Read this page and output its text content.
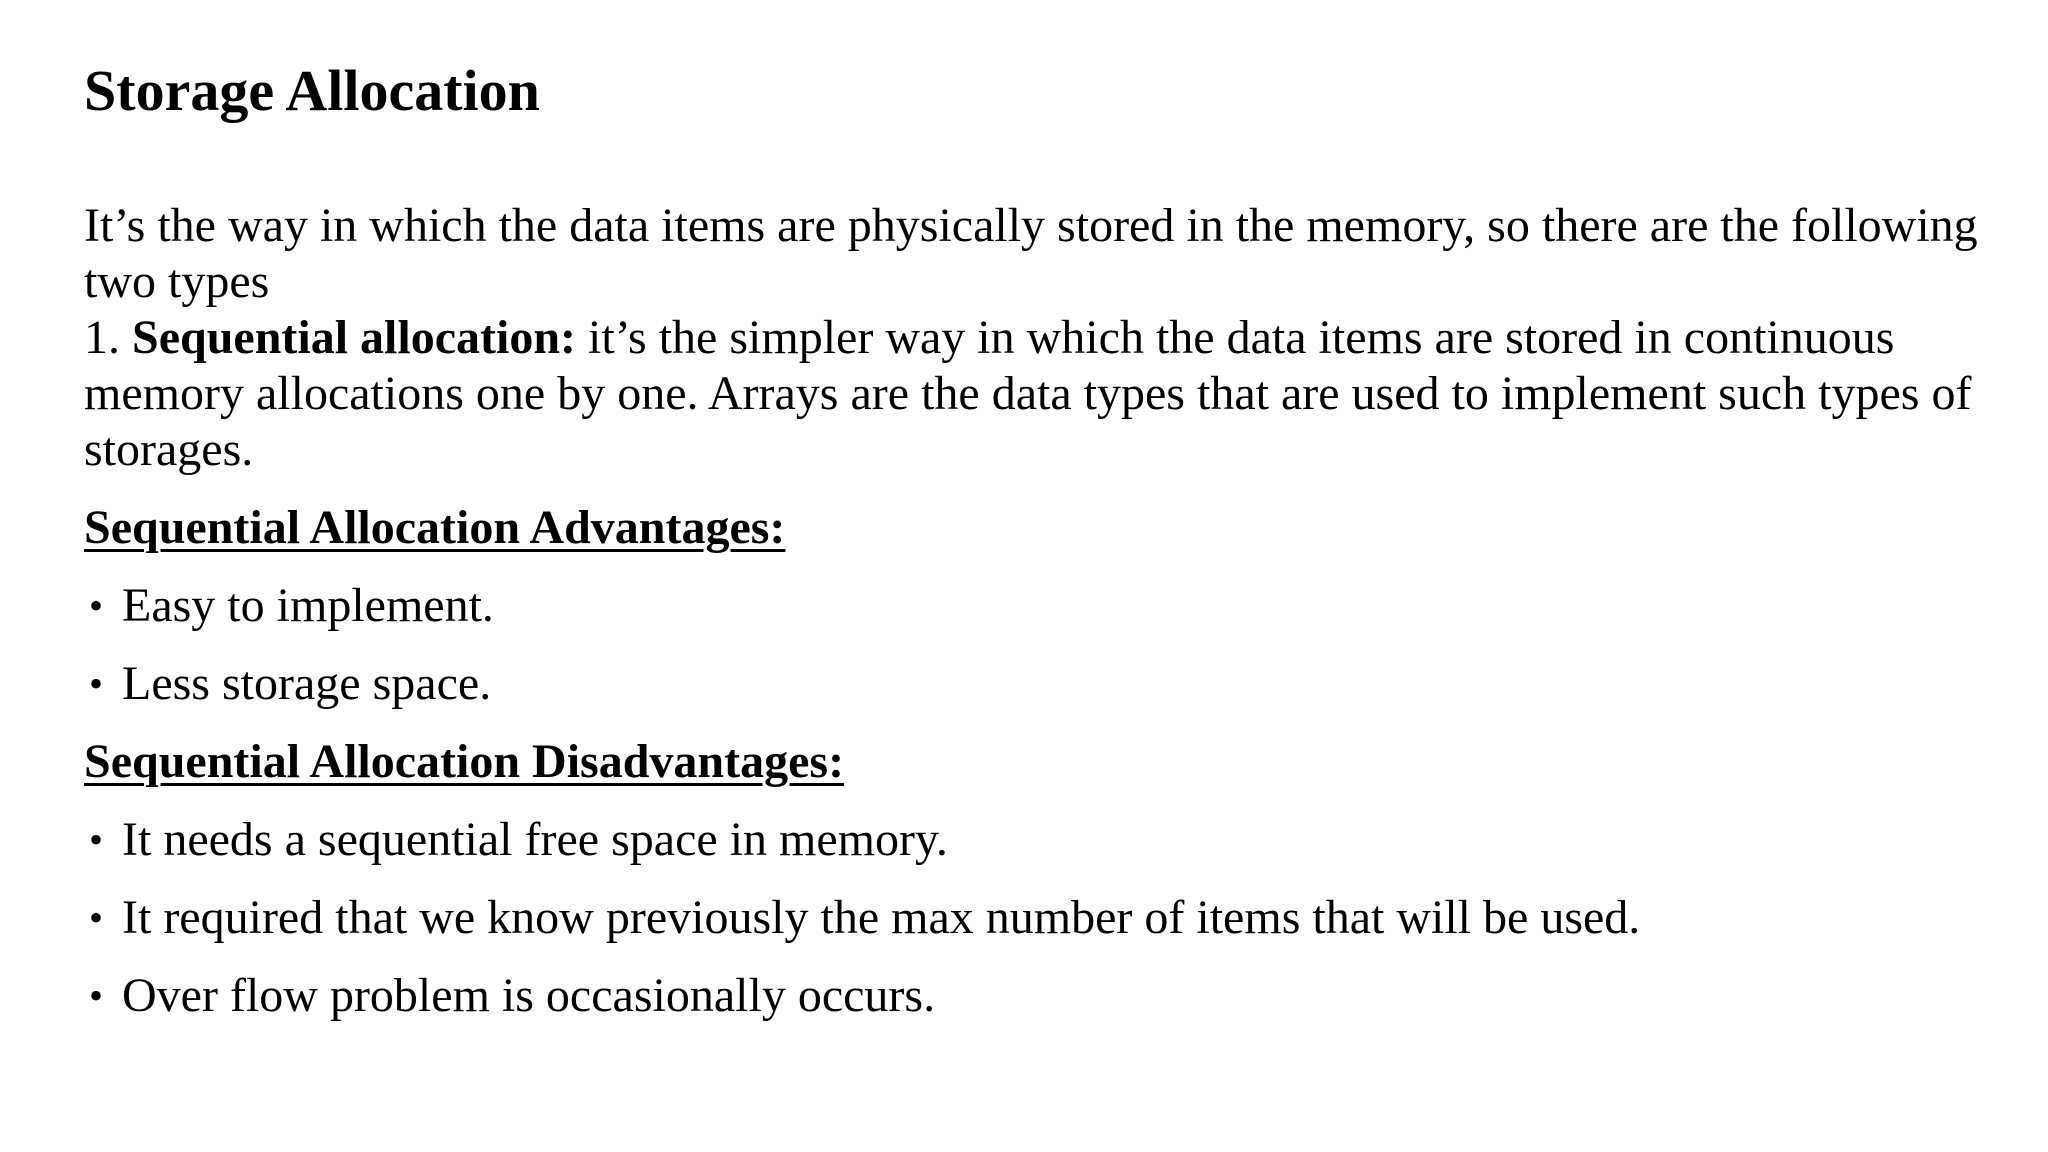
Storage Allocation

It’s the way in which the data items are physically stored in the memory, so there are the following two types

1. Sequential allocation: it’s the simpler way in which the data items are stored in continuous memory allocations one by one. Arrays are the data types that are used to implement such types of storages.

Sequential Allocation Advantages:
• Easy to implement.
• Less storage space.
Sequential Allocation Disadvantages:
• It needs a sequential free space in memory.
• It required that we know previously the max number of items that will be used.
• Over flow problem is occasionally occurs.
